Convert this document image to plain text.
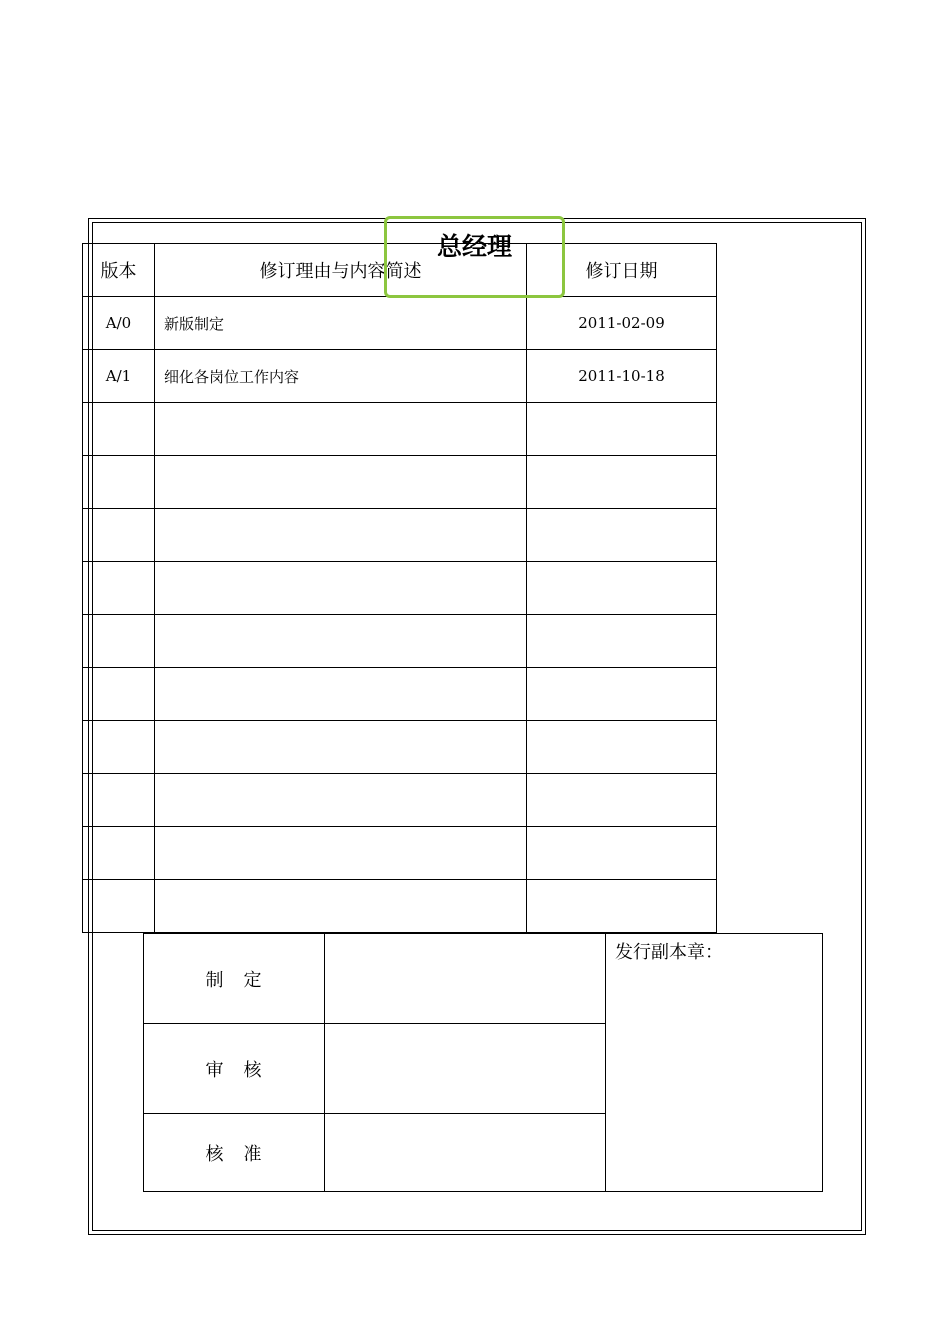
版本	修订理由与内容简述	修订日期
A/0	新版制定	2011-02-09
A/1	细化各岗位工作内容	2011-10-18

总经理
制　定		发行副本章：
审　核		
核　准		
